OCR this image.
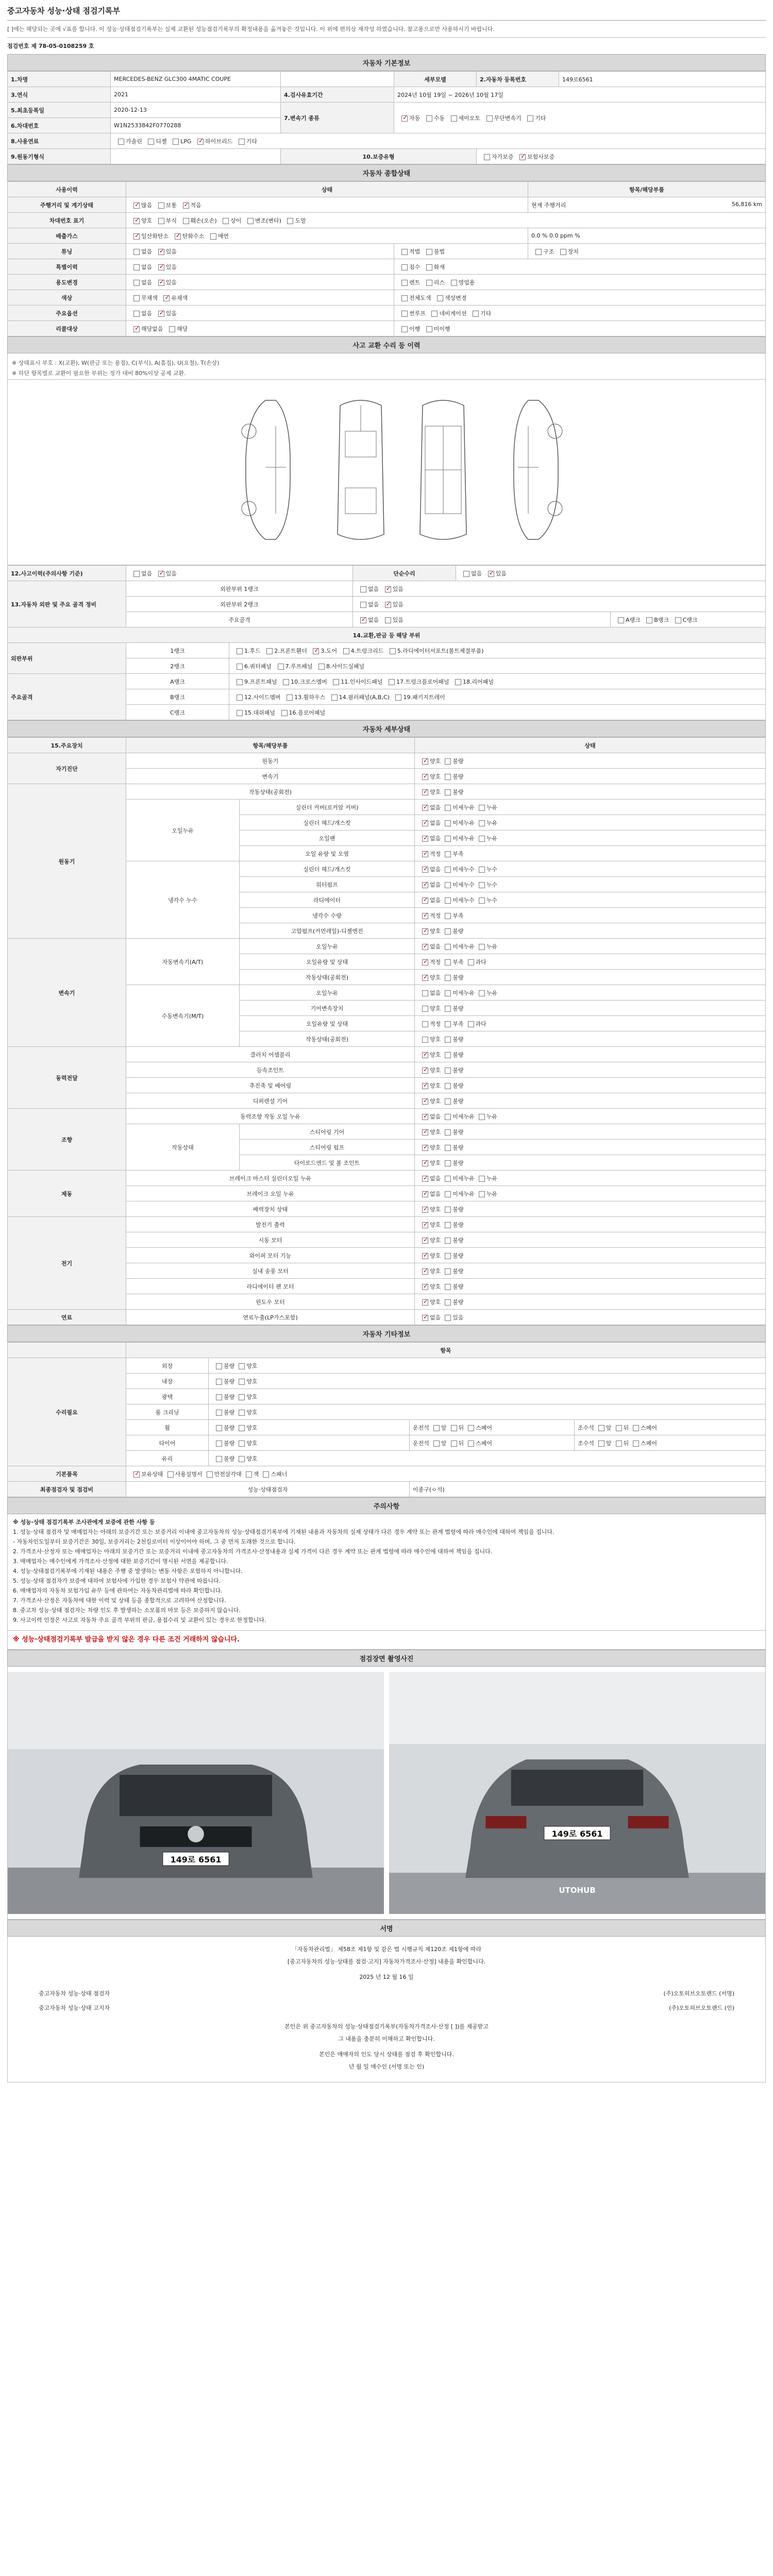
중고자동차 성능·상태 점검기록부
[ ]에는 해당되는 곳에 √표를 합니다. 이 성능·상태점검기록부는 실제 교환된 성능점검기록부의 확정내용을 옮겨놓은 것입니다. 이 위에 편의상 재작성 하였습니다. 참고용으로만 사용하시기 바랍니다.
점검번호 제 78-05-0108259 호
자동차 기본정보
1.차명	MERCEDES-BENZ GLC300 4MATIC COUPE		세부모델	2.자동차 등록번호	149로6561
3.연식	2021	4.검사유효기간	2024년 10월 19일 ~ 2026년 10월 17일		
5.최초등록일	2020-12-13	7.변속기 종류	✓자동 수동 세미오토 무단변속기 기타
6.차대번호	W1N2533842F0770288				
8.사용연료	가솔린 디젤 LPG ✓ 하이브리드 기타
9.원동기형식		10.보증유형		자가보증 ✓ 보험사보증
자동차 종합상태
사용이력	상태		항목/해당부품
주행거리 및 계기상태	✓많음 보통 ✓ 적음		현재 주행거리 56,816 km

차대번호 표기	✓양호 부식 훼손(오손) 상이 변조(변타) 도말
배출가스	✓일산화탄소 ✓ 탄화수소 매연		0.0 % 0.0 ppm %
튜닝	없음 ✓ 있음	적법 불법	구조 장치
특별이력	없음 ✓ 있음	침수 화재	
용도변경	없음 ✓ 있음	렌트 리스 영업용	
색상	무채색 ✓ 유채색	전체도색 색상변경	
주요옵션	없음 ✓ 있음	썬루프 네비게이션 기타	
리콜대상	✓해당없음 해당	이행 미이행	
사고 교환 수리 등 이력
※ 상태표시 부호 : X(교환), W(판금 또는 용접), C(부식), A(흠집), U(요철), T(손상)
※ 하단 항목별로 교환이 필요한 부위는 정가 대비 80%이상 공제 교환.
12.사고이력(주의사항 기준)	없음 ✓ 있음		단순수리	없음 ✓ 있음
13.자동차 외판 및 주요 골격 정비	외판부위 1랭크		없음 ✓ 있음
	외판부위 2랭크		없음 ✓ 있음
	주요골격	✓없음 있음		A랭크 B랭크 C랭크
14.교환,판금 등 해당 부위					
외판부위	1랭크	1.후드 2.프론트휀더 ✓ 3.도어 4.트렁크리드 5.라디에이터서포트(볼트체결부품)
	2랭크	6.쿼터패널 7.루프패널 8.사이드실패널			
주요골격	A랭크	9.프론트패널 10.크로스멤버 11.인사이드패널 17.트렁크플로어패널 18.리어패널			
	B랭크	12.사이드멤버 13.휠하우스 14.필러패널(A,B,C) 19.패키지트레이			
	C랭크	15.대쉬패널 16.플로어패널			
자동차 세부상태
15.주요장치	항목/해당부품		상태
자기진단	원동기	✓양호 불량
	변속기	✓양호 불량
원동기	작동상태(공회전)	✓양호 불량
	오일누유	실린더 커버(로커암 커버)	✓없음 미세누유 누유
		실린더 헤드/개스킷	✓없음 미세누유 누유
		오일팬	✓없음 미세누유 누유
		오일 유량 및 오염	✓적정 부족
	냉각수 누수	실린더 헤드/개스킷	✓없음 미세누수 누수
		워터펌프	✓없음 미세누수 누수
		라디에이터	✓없음 미세누수 누수
		냉각수 수량	✓적정 부족
		고압펌프(커먼레일)-디젤엔진	✓양호 불량
변속기	자동변속기(A/T)	오일누유	✓없음 미세누유 누유
		오일유량 및 상태	✓적정 부족 과다
		작동상태(공회전)	✓양호 불량
	수동변속기(M/T)	오일누유	없음 미세누유 누유
		기어변속장치	양호 불량
		오일유량 및 상태	적정 부족 과다
		작동상태(공회전)	양호 불량
동력전달	클러치 어셈블리	✓양호 불량
	등속조인트	✓양호 불량
	추진축 및 베어링	✓양호 불량
	디퍼렌셜 기어	✓양호 불량
조향	동력조향 작동 오일 누유	✓없음 미세누유 누유
	작동상태	스티어링 기어	✓양호 불량
		스티어링 펌프	✓양호 불량
		타이로드엔드 및 볼 조인트	✓양호 불량
제동	브레이크 마스터 실린더오일 누유	✓없음 미세누유 누유
	브레이크 오일 누유	✓없음 미세누유 누유
	배력장치 상태	✓양호 불량
전기	발전기 출력	✓양호 불량
	시동 모터	✓양호 불량
	와이퍼 모터 기능	✓양호 불량
	실내 송풍 모터	✓양호 불량
	라디에이터 팬 모터	✓양호 불량
	윈도우 모터	✓양호 불량
연료	연료누출(LP가스포함)	✓없음 있음
자동차 기타정보
	항목			
수리필요	외장	불량 양호		
	내장	불량 양호		
	광택	불량 양호		
	룸 크리닝	불량 양호		
	휠	불량 양호	운전석 앞 뒤 스페어	조수석 앞 뒤 스페어
	타이어	불량 양호	운전석 앞 뒤 스페어	조수석 앞 뒤 스페어
	유리	불량 양호		
기본품목	✓보유상태 사용설명서 안전삼각대 잭 스패너
최종점검자 및 점검비	성능·상태점검자		이종구(ㅇ석)	
주의사항

※ 성능·상태 점검기록부 조사관에게 보증에 관한 사항 등

1. 성능·상태 점검자 및 매매업자는 아래의 보증기간 또는 보증거리 이내에 중고자동차의 성능·상태점검기록부에 기재된 내용과 자동차의 실제 상태가 다른 경우 계약 또는 관계 법령에 따라 매수인에 대하여 책임을 집니다.

- 자동차인도일부터 보증기간은 30일, 보증거리는 2천킬로미터 이상이어야 하며, 그 중 먼저 도래한 것으로 합니다.

2. 가격조사·산정자 또는 매매업자는 아래의 보증기간 또는 보증거리 이내에 중고자동차의 가격조사·산정내용과 실제 가격이 다른 경우 계약 또는 관계 법령에 따라 매수인에 대하여 책임을 집니다.

3. 매매업자는 매수인에게 가격조사·산정에 대한 보증기간이 명시된 서면을 제공합니다.

4. 성능·상태점검기록부에 기재된 내용은 주행 중 발생하는 변동 사항은 포함하지 아니합니다.

5. 성능·상태 점검자가 보증에 대하여 보험사에 가입한 경우 보험사 약관에 따릅니다.

6. 매매업자의 자동차 보험가입 유무 등에 관하여는 자동차관리법에 따라 확인합니다.

7. 가격조사·산정은 자동차에 대한 이력 및 상태 등을 종합적으로 고려하여 산정합니다.

8. 중고차 성능·상태 점검자는 차량 인도 후 발생하는 소모품의 마모 등은 보증하지 않습니다.

9. 사고이력 인정은 사고로 자동차 주요 골격 부위의 판금, 용접수리 및 교환이 있는 경우로 한정합니다.

※ 성능·상태점검기록부 발급을 받지 않은 경우 다른 조건 거래하지 않습니다.
점검장면 촬영사진
149로 6561
149로 6561
UTOHUB
서명
「자동차관리법」 제58조 제1항 및 같은 법 시행규칙 제120조 제1항에 따라
[중고자동차의 성능·상태를 점검·고지] 자동차가격조사·산정] 내용을 확인합니다.
2025 년 12 월 16 일
중고자동차 성능·상태 점검자	(주)오토허브오토랜드 (서명)
중고자동차 성능·상태 고지자	(주)오토허브오토랜드 (인)
본인은 위 중고자동차의 성능·상태점검기록부(자동차가격조사·산정 [ ])를 제공받고
그 내용을 충분히 이해하고 확인합니다.
본인은 매매자의 인도 당시 상태를 점검 후 확인합니다.
년 월 일 매수인 (서명 또는 인)
